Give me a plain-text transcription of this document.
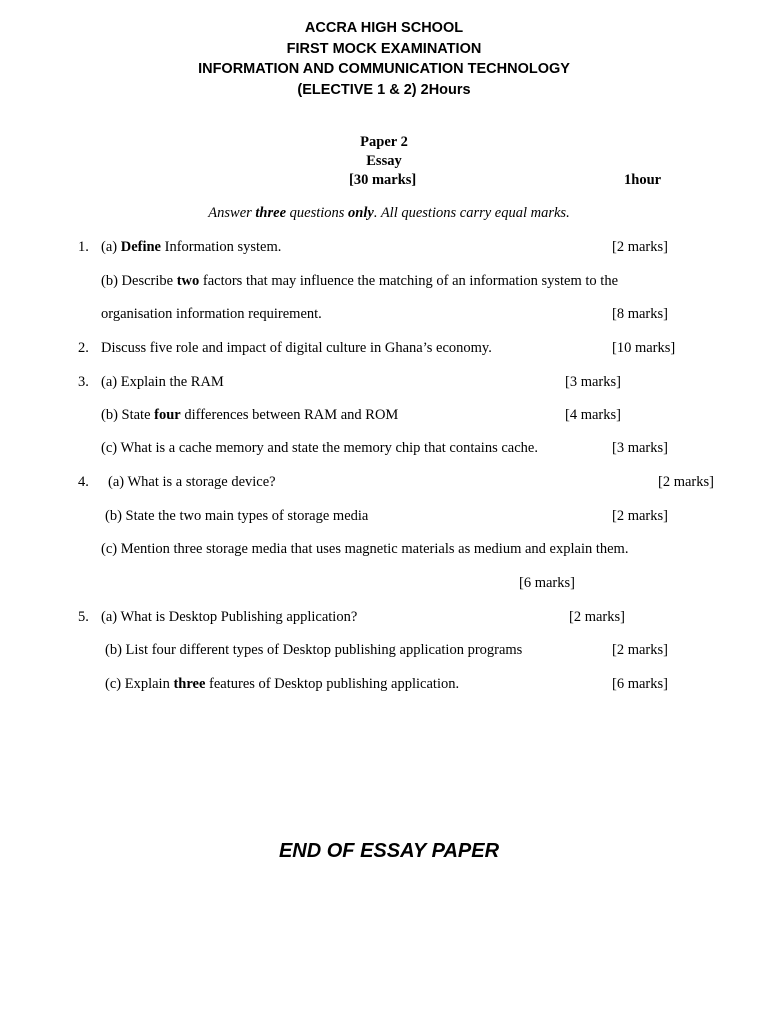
ACCRA HIGH SCHOOL
FIRST MOCK EXAMINATION
INFORMATION AND COMMUNICATION TECHNOLOGY
(ELECTIVE 1 & 2) 2Hours
Paper 2
Essay
[30 marks]	1hour
Answer three questions only. All questions carry equal marks.
1. (a) Define Information system.	[2 marks]
(b) Describe two factors that may influence the matching of an information system to the
organisation information requirement.	[8 marks]
2. Discuss five role and impact of digital culture in Ghana’s economy.	[10 marks]
3. (a) Explain the RAM	[3 marks]
(b) State four differences between RAM and ROM	[4 marks]
(c) What is a cache memory and state the memory chip that contains cache.	[3 marks]
4. (a) What is a storage device?	[2 marks]
(b) State the two main types of storage media	[2 marks]
(c) Mention three storage media that uses magnetic materials as medium and explain them.
[6 marks]
5. (a) What is Desktop Publishing application?	[2 marks]
(b) List four different types of Desktop publishing application programs	[2 marks]
(c) Explain three features of Desktop publishing application.	[6 marks]
END OF ESSAY PAPER
